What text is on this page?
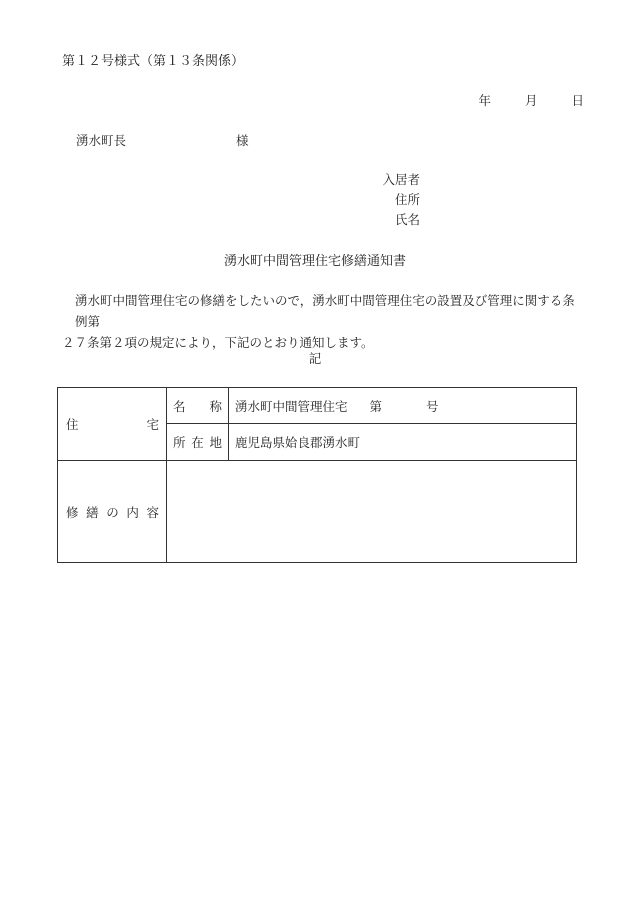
第１２号様式（第１３条関係）
年	月	日
湧水町長	様
入居者
住所
氏名
湧水町中間管理住宅修繕通知書
湧水町中間管理住宅の修繕をしたいので，湧水町中間管理住宅の設置及び管理に関する条例第
２７条第２項の規定により，下記のとおり通知します。
記
住 宅	名 称	湧水町中間管理住宅 第 号

	所 在 地	鹿児島県姶良郡湧水町

修 繕 の 内 容		
